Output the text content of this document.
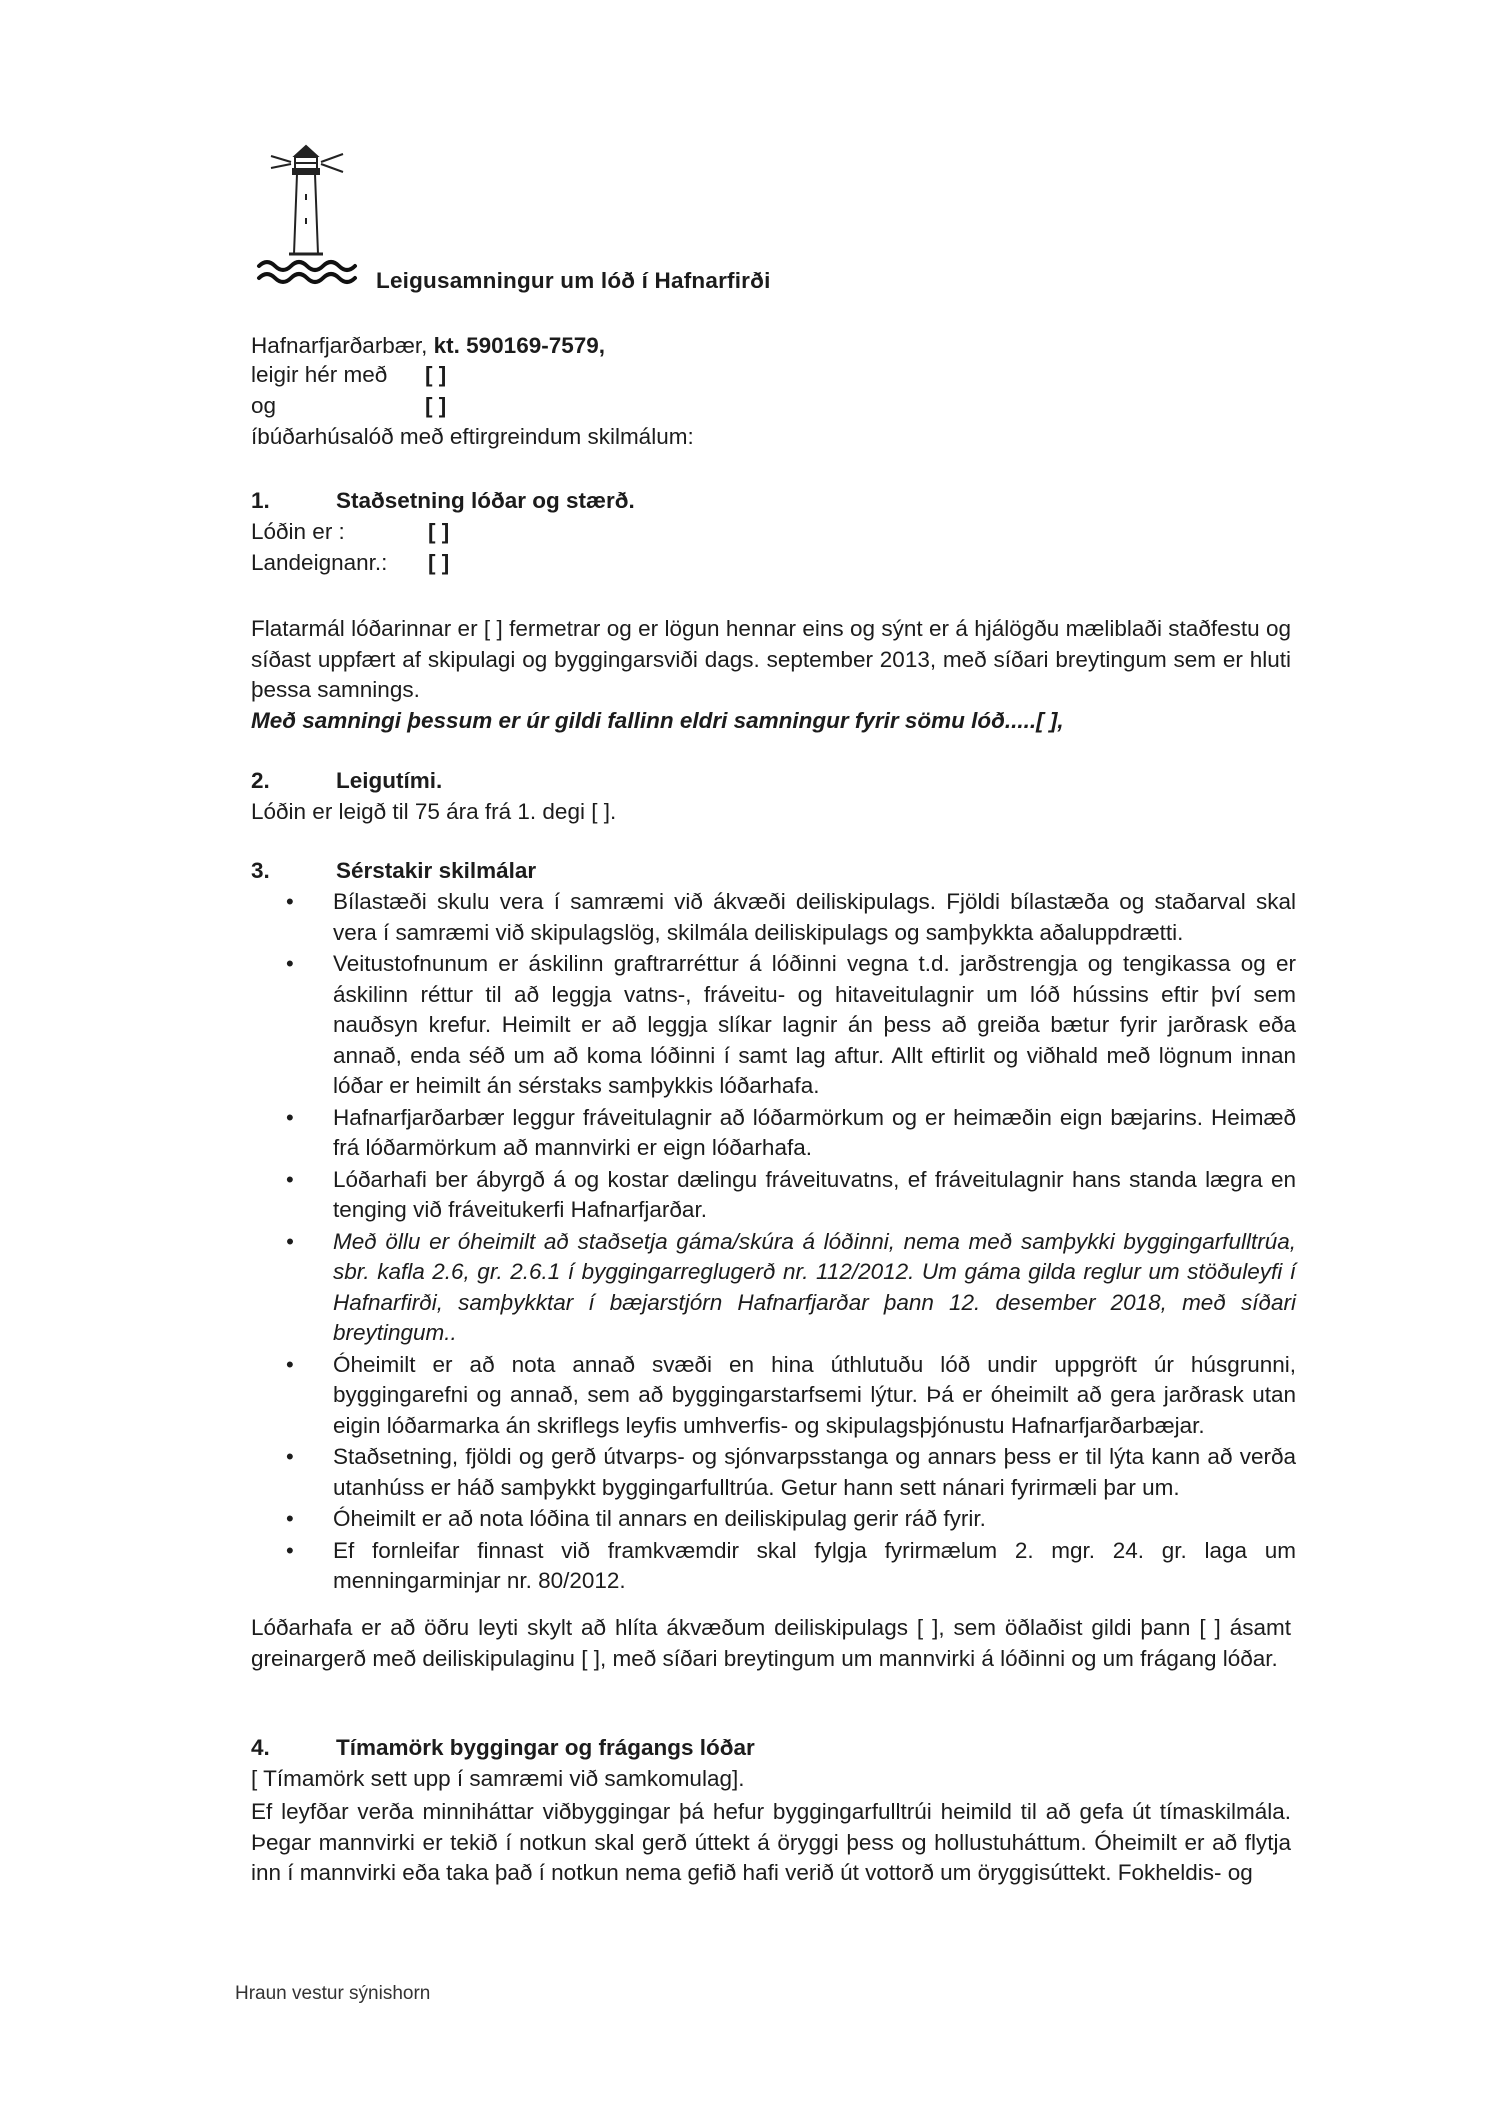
Leigusamningur um lóð í Hafnarfirði
Hafnarfjarðarbær, kt. 590169-7579,
leigir hér með [ ]
og	[ ]
íbúðarhúsalóð með eftirgreindum skilmálum:
1.	Staðsetning lóðar og stærð.
Lóðin er :	[ ]
Landeignanr.: [ ]
Flatarmál lóðarinnar er [ ] fermetrar og er lögun hennar eins og sýnt er á hjálögðu mæliblaði staðfestu og síðast uppfært af skipulagi og byggingarsviði dags. september 2013, með síðari breytingum sem er hluti þessa samnings.
Með samningi þessum er úr gildi fallinn eldri samningur fyrir sömu lóð.....[ ],
2.	Leigutími.
Lóðin er leigð til 75 ára frá 1. degi [ ].
3.	Sérstakir skilmálar
• Bílastæði skulu vera í samræmi við ákvæði deiliskipulags. Fjöldi bílastæða og staðarval skal vera í samræmi við skipulagslög, skilmála deiliskipulags og samþykkta aðaluppdrætti.
• Veitustofnunum er áskilinn graftrarréttur á lóðinni vegna t.d. jarðstrengja og tengikassa og er áskilinn réttur til að leggja vatns-, fráveitu- og hitaveitulagnir um lóð hússins eftir því sem nauðsyn krefur. Heimilt er að leggja slíkar lagnir án þess að greiða bætur fyrir jarðrask eða annað, enda séð um að koma lóðinni í samt lag aftur. Allt eftirlit og viðhald með lögnum innan lóðar er heimilt án sérstaks samþykkis lóðarhafa.
• Hafnarfjarðarbær leggur fráveitulagnir að lóðarmörkum og er heimæðin eign bæjarins. Heimæð frá lóðarmörkum að mannvirki er eign lóðarhafa.
• Lóðarhafi ber ábyrgð á og kostar dælingu fráveituvatns, ef fráveitulagnir hans standa lægra en tenging við fráveitukerfi Hafnarfjarðar.
• Með öllu er óheimilt að staðsetja gáma/skúra á lóðinni, nema með samþykki byggingarfulltrúa, sbr. kafla 2.6, gr. 2.6.1 í byggingarreglugerð nr. 112/2012. Um gáma gilda reglur um stöðuleyfi í Hafnarfirði, samþykktar í bæjarstjórn Hafnarfjarðar þann 12. desember 2018, með síðari breytingum..
• Óheimilt er að nota annað svæði en hina úthlutuðu lóð undir uppgröft úr húsgrunni, byggingarefni og annað, sem að byggingarstarfsemi lýtur. Þá er óheimilt að gera jarðrask utan eigin lóðarmarka án skriflegs leyfis umhverfis- og skipulagsþjónustu Hafnarfjarðarbæjar.
• Staðsetning, fjöldi og gerð útvarps- og sjónvarpsstanga og annars þess er til lýta kann að verða utanhúss er háð samþykkt byggingarfulltrúa. Getur hann sett nánari fyrirmæli þar um.
• Óheimilt er að nota lóðina til annars en deiliskipulag gerir ráð fyrir.
• Ef fornleifar finnast við framkvæmdir skal fylgja fyrirmælum 2. mgr. 24. gr. laga um menningarminjar nr. 80/2012.
Lóðarhafa er að öðru leyti skylt að hlíta ákvæðum deiliskipulags [ ], sem öðlaðist gildi þann [ ] ásamt greinargerð með deiliskipulaginu [ ], með síðari breytingum um mannvirki á lóðinni og um frágang lóðar.
4.	Tímamörk byggingar og frágangs lóðar
[ Tímamörk sett upp í samræmi við samkomulag].
Ef leyfðar verða minniháttar viðbyggingar þá hefur byggingarfulltrúi heimild til að gefa út tímaskilmála. Þegar mannvirki er tekið í notkun skal gerð úttekt á öryggi þess og hollustuháttum. Óheimilt er að flytja inn í mannvirki eða taka það í notkun nema gefið hafi verið út vottorð um öryggisúttekt. Fokheldis- og
Hraun vestur sýnishorn
